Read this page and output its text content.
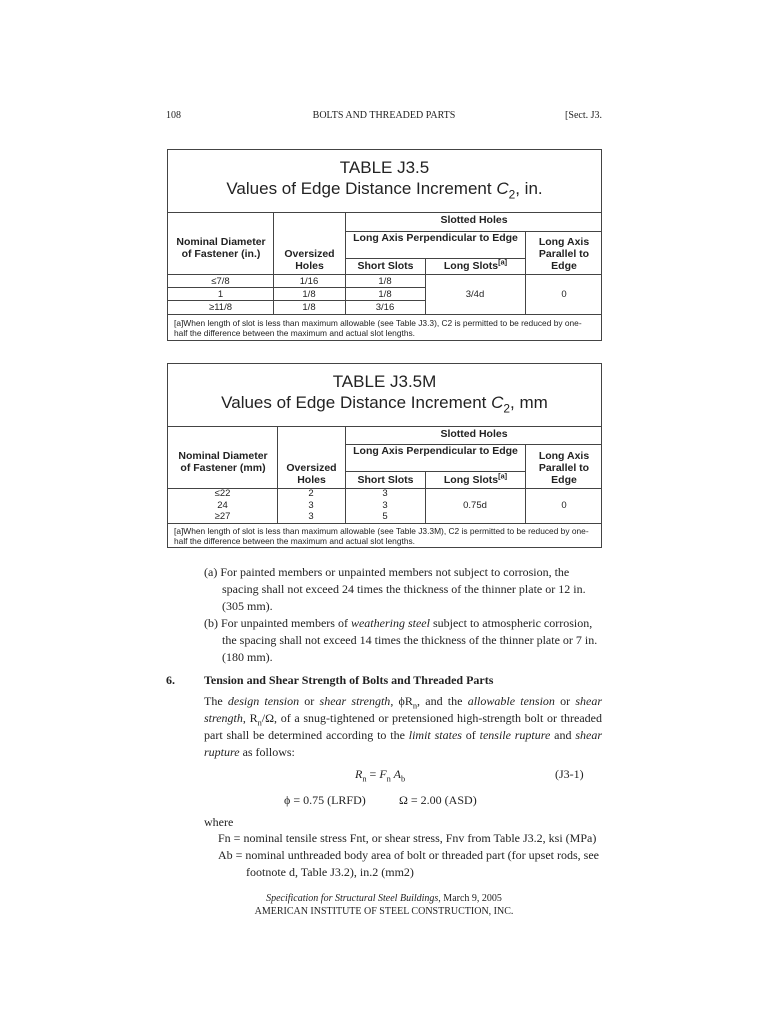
108	BOLTS AND THREADED PARTS	[Sect. J3.
TABLE J3.5
Values of Edge Distance Increment $C_2$, in.
Slotted Holes
Long Axis Perpendicular to Edge
Nominal Diameter of Fastener (in.)	Oversized Holes	Short Slots	Long Slots[a]
Long Axis Parallel to Edge
≤7/8	1/16	1/8
1	1/8	1/8
≥11/8	1/8	3/16
3/4d	0
[a]When length of slot is less than maximum allowable (see Table J3.3), C2 is permitted to be reduced by one-half the difference between the maximum and actual slot lengths.
TABLE J3.5M
Values of Edge Distance Increment $C_2$, mm
Slotted Holes
Long Axis Perpendicular to Edge
Nominal Diameter of Fastener (mm)	Oversized Holes	Short Slots	Long Slots[a]
Long Axis Parallel to Edge
≤22	2	3
24	3	3
≥27	3	5
0.75d	0
[a]When length of slot is less than maximum allowable (see Table J3.3M), C2 is permitted to be reduced by one-half the difference between the maximum and actual slot lengths.
(a) For painted members or unpainted members not subject to corrosion, the spacing shall not exceed 24 times the thickness of the thinner plate or 12 in. (305 mm).
(b) For unpainted members of weathering steel subject to atmospheric corrosion, the spacing shall not exceed 14 times the thickness of the thinner plate or 7 in. (180 mm).
6. Tension and Shear Strength of Bolts and Threaded Parts
The design tension or shear strength, $\phi R_n$, and the allowable tension or shear strength, $R_n/\Omega$, of a snug-tightened or pretensioned high-strength bolt or threaded part shall be determined according to the limit states of tensile rupture and shear rupture as follows:
$R_n = F_n$ $A_b$	(J3-1)
ϕ = 0.75 (LRFD)	Ω = 2.00 (ASD)
where
Fn = nominal tensile stress Fnt, or shear stress, Fnv from Table J3.2, ksi (MPa)
Ab = nominal unthreaded body area of bolt or threaded part (for upset rods, see footnote d, Table J3.2), in.2 (mm2)
Specification for Structural Steel Buildings, March 9, 2005
AMERICAN INSTITUTE OF STEEL CONSTRUCTION, INC.
